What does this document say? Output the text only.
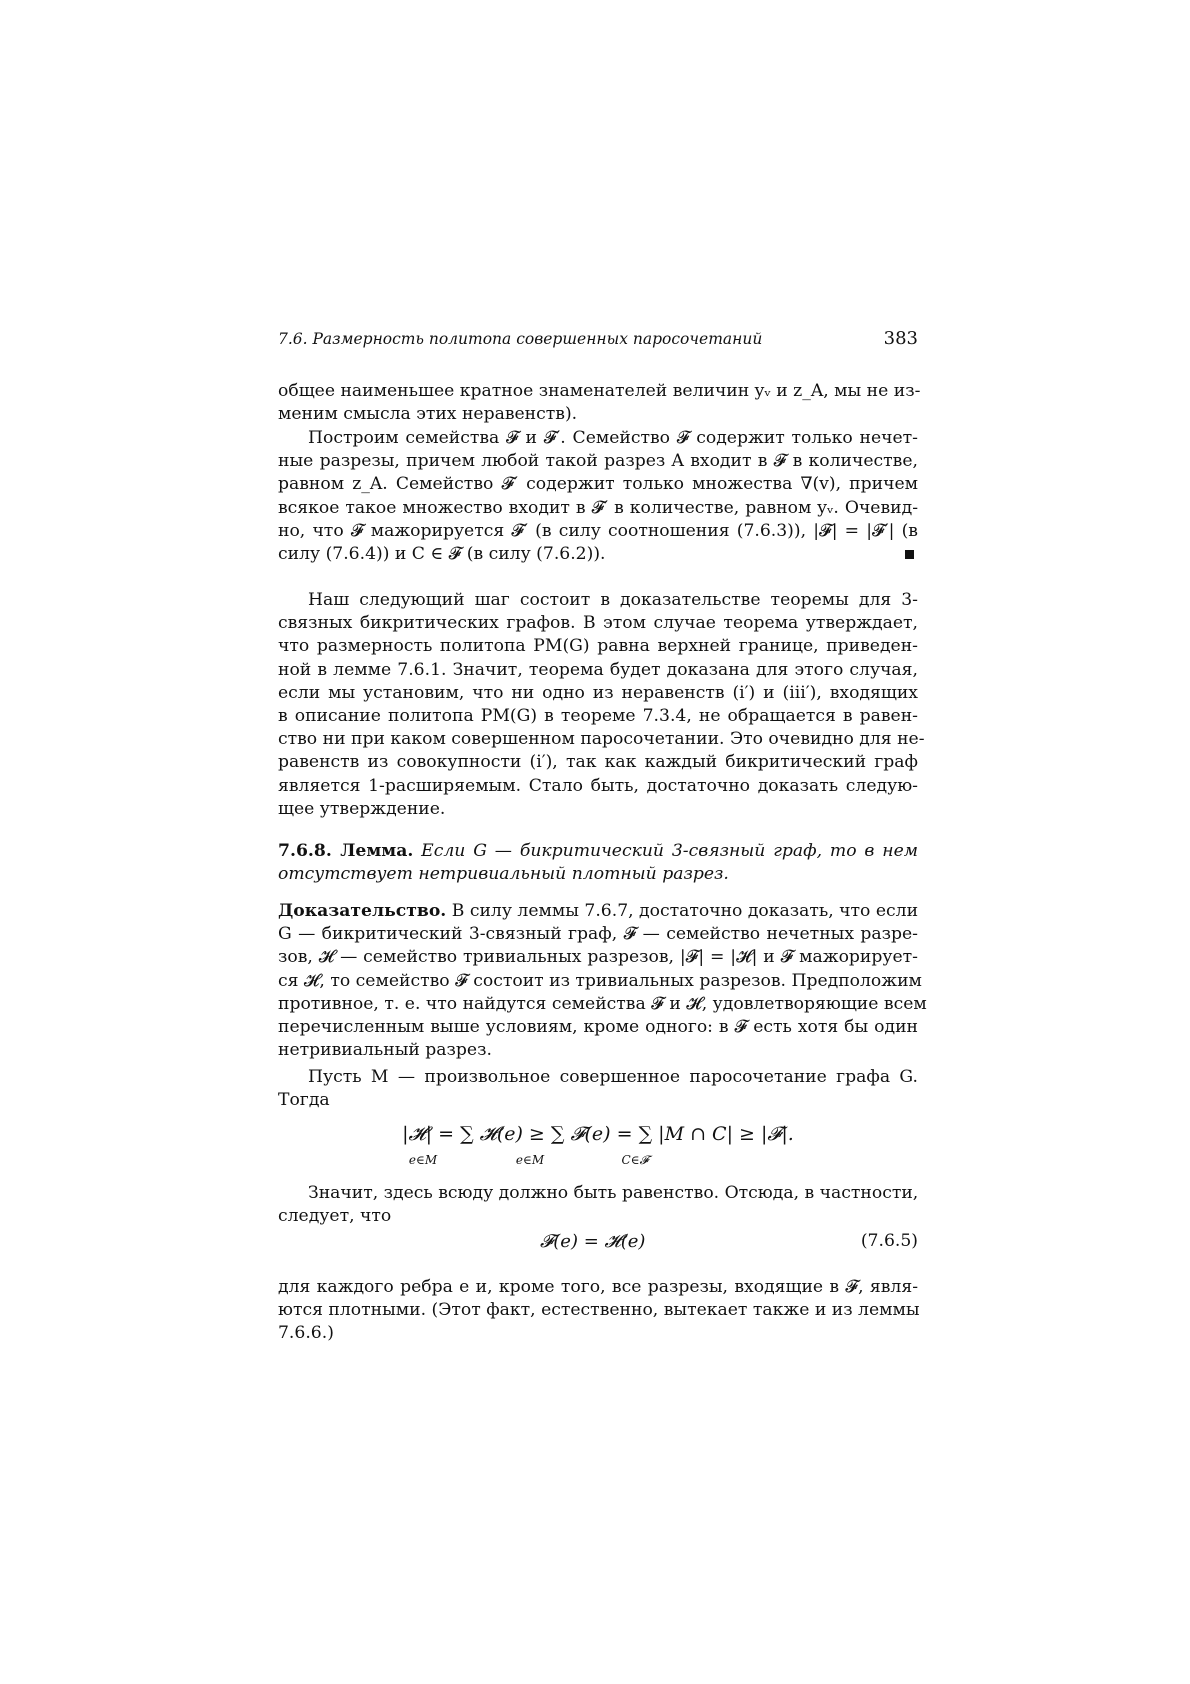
7.6. Размерность политопа совершенных паросочетаний	383
общее наименьшее кратное знаменателей величин yᵥ и z_A, мы не из-
меним смысла этих неравенств).
Построим семейства 𝓕 и 𝓕′. Семейство 𝓕 содержит только нечет-
ные разрезы, причем любой такой разрез A входит в 𝓕 в количестве,
равном z_A. Семейство 𝓕′ содержит только множества ∇(v), причем
всякое такое множество входит в 𝓕′ в количестве, равном yᵥ. Очевид-
но, что 𝓕 мажорируется 𝓕′ (в силу соотношения (7.6.3)), |𝓕| = |𝓕′| (в
силу (7.6.4)) и C ∈ 𝓕 (в силу (7.6.2)).
Наш следующий шаг состоит в доказательстве теоремы для 3-
связных бикритических графов. В этом случае теорема утверждает,
что размерность политопа PM(G) равна верхней границе, приведен-
ной в лемме 7.6.1. Значит, теорема будет доказана для этого случая,
если мы установим, что ни одно из неравенств (i′) и (iii′), входящих
в описание политопа PM(G) в теореме 7.3.4, не обращается в равен-
ство ни при каком совершенном паросочетании. Это очевидно для не-
равенств из совокупности (i′), так как каждый бикритический граф
является 1-расширяемым. Стало быть, достаточно доказать следую-
щее утверждение.
7.6.8. Лемма. Если G — бикритический 3-связный граф, то в нем
отсутствует нетривиальный плотный разрез.
Доказательство. В силу леммы 7.6.7, достаточно доказать, что если
G — бикритический 3-связный граф, 𝓕 — семейство нечетных разре-
зов, 𝓗 — семейство тривиальных разрезов, |𝓕| = |𝓗| и 𝓕 мажорирует-
ся 𝓗, то семейство 𝓕 состоит из тривиальных разрезов. Предположим
противное, т. е. что найдутся семейства 𝓕 и 𝓗, удовлетворяющие всем
перечисленным выше условиям, кроме одного: в 𝓕 есть хотя бы один
нетривиальный разрез.
Пусть M — произвольное совершенное паросочетание графа G.
Тогда
|𝓗| = ∑ 𝓗(e) ≥ ∑ 𝓕(e) = ∑ |M ∩ C| ≥ |𝓕|.
e∈M	e∈M	C∈𝓕
Значит, здесь всюду должно быть равенство. Отсюда, в частности,
следует, что
𝓕(e) = 𝓗(e)	(7.6.5)
для каждого ребра e и, кроме того, все разрезы, входящие в 𝓕, явля-
ются плотными. (Этот факт, естественно, вытекает также и из леммы
7.6.6.)
